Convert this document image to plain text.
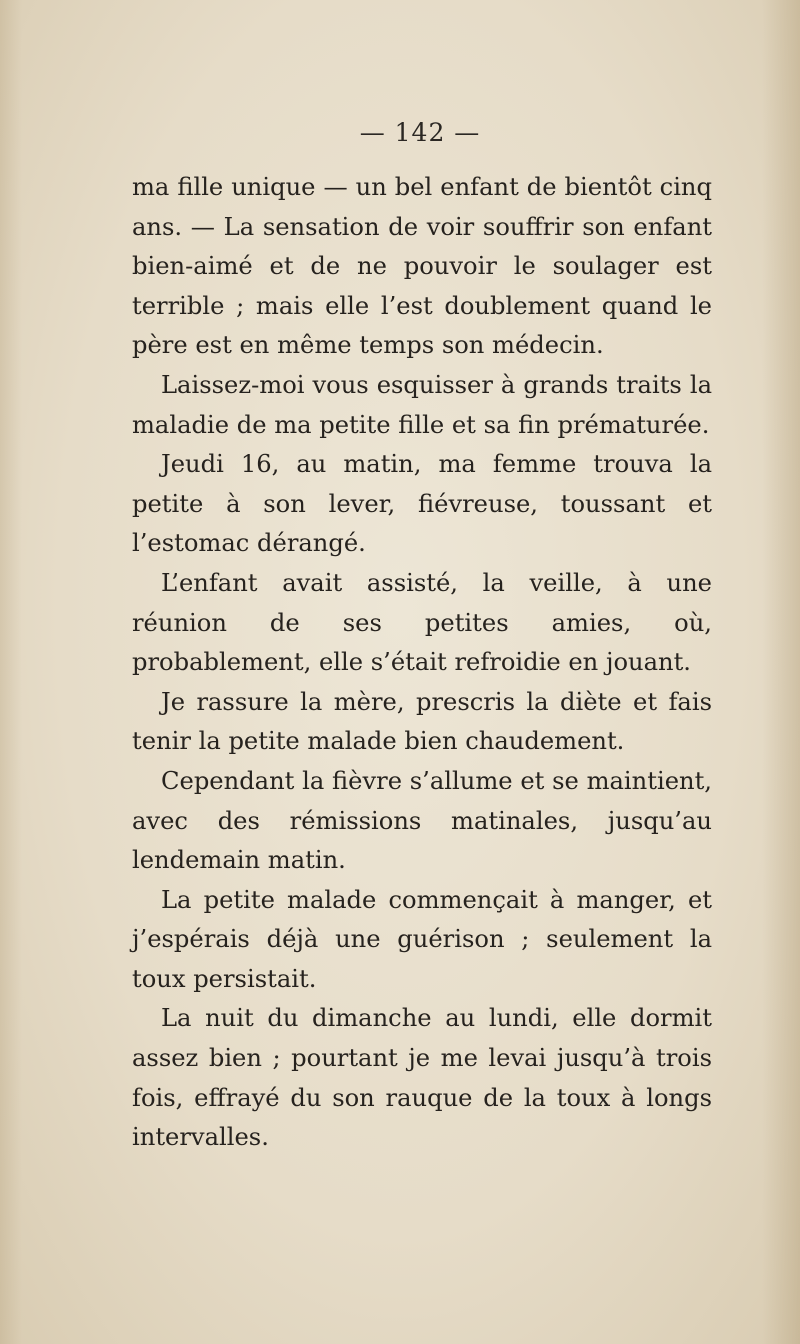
— 142 —

ma fille unique — un bel enfant de bientôt cinq ans. — La sensation de voir souffrir son enfant bien-aimé et de ne pouvoir le soulager est terrible ; mais elle l’est doublement quand le père est en même temps son médecin.

Laissez-moi vous esquisser à grands traits la maladie de ma petite fille et sa fin prématurée.

Jeudi 16, au matin, ma femme trouva la petite à son lever, fiévreuse, toussant et l’estomac dérangé.

L’enfant avait assisté, la veille, à une réunion de ses petites amies, où, probablement, elle s’était refroidie en jouant.

Je rassure la mère, prescris la diète et fais tenir la petite malade bien chaudement.

Cependant la fièvre s’allume et se maintient, avec des rémissions matinales, jusqu’au lendemain matin.

La petite malade commençait à manger, et j’espérais déjà une guérison ; seulement la toux persistait.

La nuit du dimanche au lundi, elle dormit assez bien ; pourtant je me levai jusqu’à trois fois, effrayé du son rauque de la toux à longs intervalles.
